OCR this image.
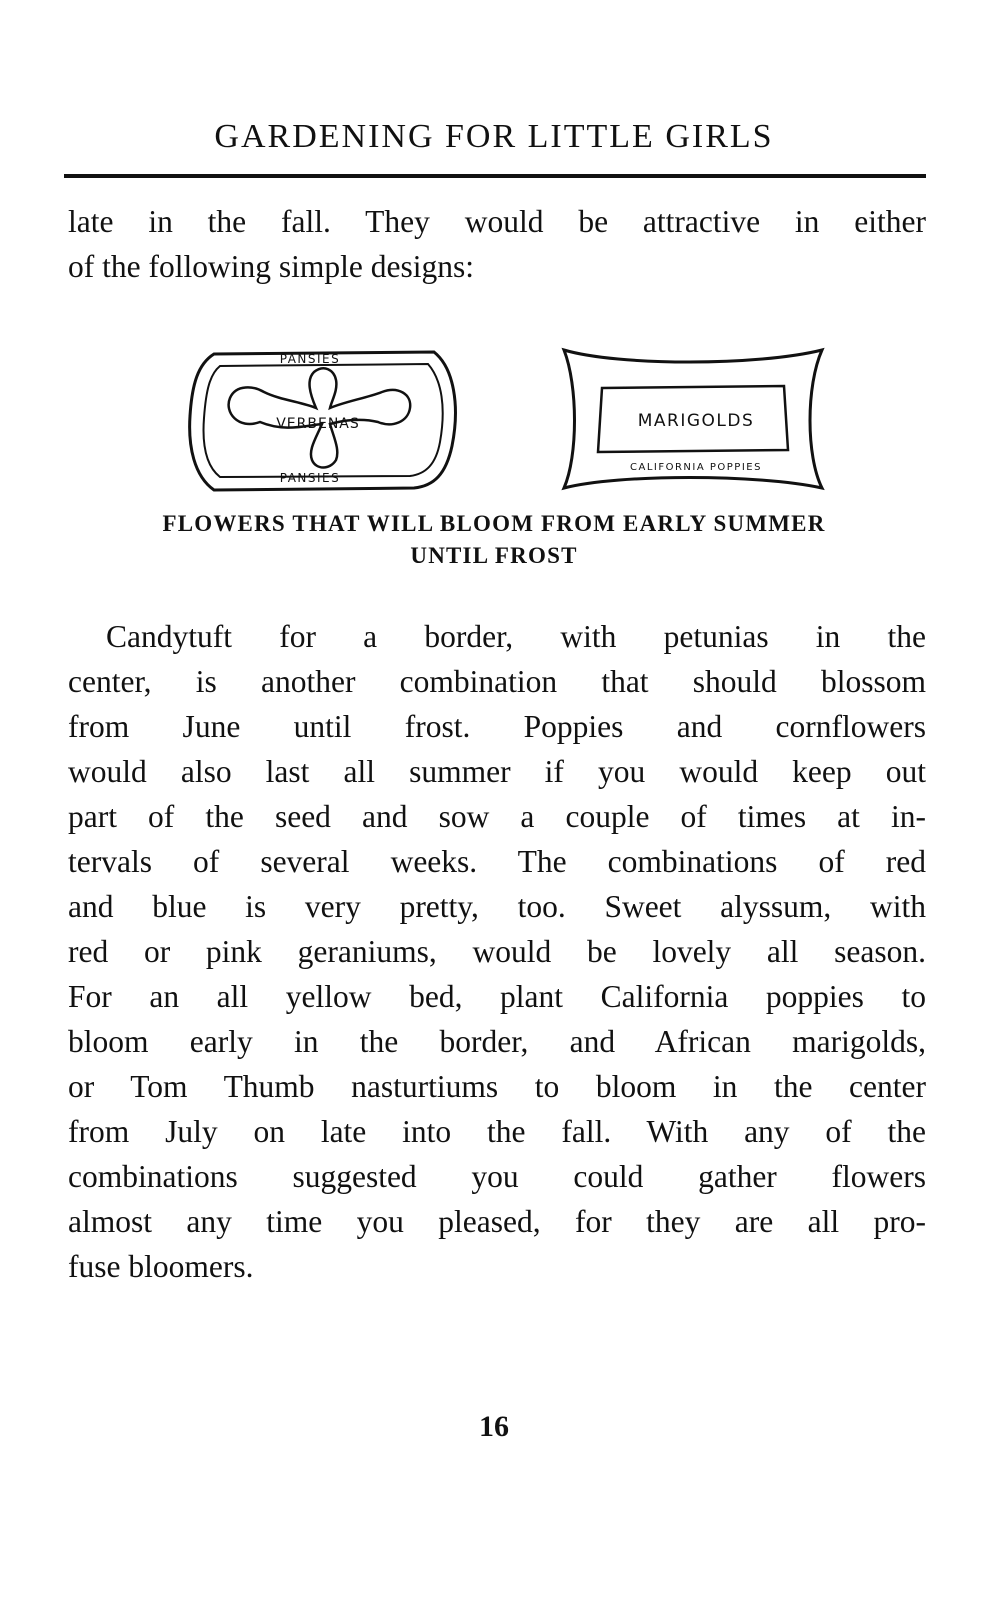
GARDENING FOR LITTLE GIRLS
late in the fall. They would be attractive in either
of the following simple designs:
PANSIES
VERBENAS
PANSIES
MARIGOLDS
CALIFORNIA POPPIES
FLOWERS THAT WILL BLOOM FROM EARLY SUMMER
UNTIL FROST
Candytuft for a border, with petunias in the
center, is another combination that should blossom
from June until frost. Poppies and cornflowers
would also last all summer if you would keep out
part of the seed and sow a couple of times at in-
tervals of several weeks. The combinations of red
and blue is very pretty, too. Sweet alyssum, with
red or pink geraniums, would be lovely all season.
For an all yellow bed, plant California poppies to
bloom early in the border, and African marigolds,
or Tom Thumb nasturtiums to bloom in the center
from July on late into the fall. With any of the
combinations suggested you could gather flowers
almost any time you pleased, for they are all pro-
fuse bloomers.
16
